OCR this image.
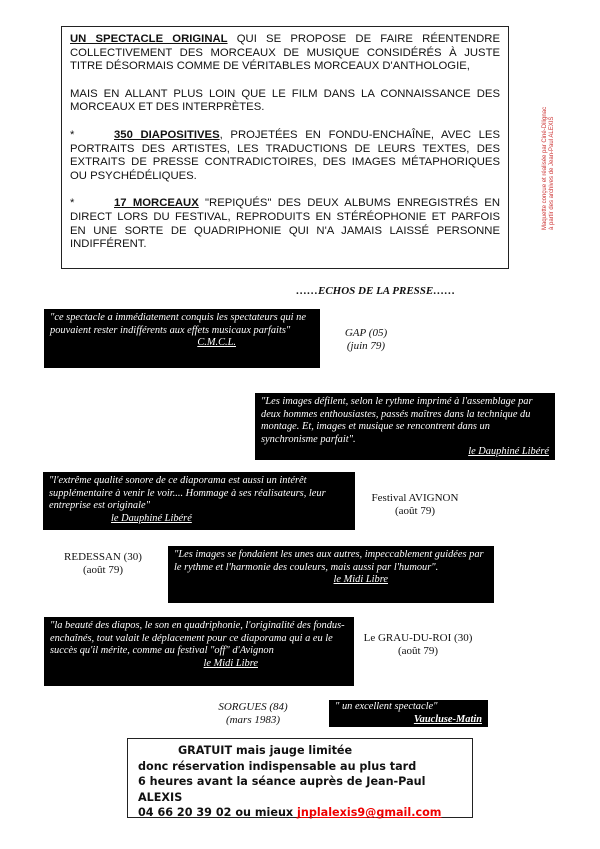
UN SPECTACLE ORIGINAL QUI SE PROPOSE DE FAIRE RÉENTENDRE COLLECTIVEMENT DES MORCEAUX DE MUSIQUE CONSIDÉRÉS À JUSTE TITRE DÉSORMAIS COMME DE VÉRITABLES MORCEAUX D'ANTHOLOGIE,

MAIS EN ALLANT PLUS LOIN QUE LE FILM DANS LA CONNAISSANCE DES MORCEAUX ET DES INTERPRÈTES.

*	350 DIAPOSITIVES, PROJETÉES EN FONDU-ENCHAÎNE, AVEC LES PORTRAITS DES ARTISTES, LES TRADUCTIONS DE LEURS TEXTES, DES EXTRAITS DE PRESSE CONTRADICTOIRES, DES IMAGES MÉTAPHORIQUES OU PSYCHÉDÉLIQUES.

*	17 MORCEAUX "REPIQUÉS" DES DEUX ALBUMS ENREGISTRÉS EN DIRECT LORS DU FESTIVAL, REPRODUITS EN STÉRÉOPHONIE ET PARFOIS EN UNE SORTE DE QUADRIPHONIE QUI N'A JAMAIS LAISSÉ PERSONNE INDIFFÉRENT.

Maquette conçue et réalisée par Ciné-Dilignac à partir des archives de Jean-Paul ALEXIS
……ECHOS DE LA PRESSE……
"ce spectacle a immédiatement conquis les spectateurs qui ne pouvaient rester indifférents aux effets musicaux parfaits"
C.M.C.L.
GAP (05)
(juin 79)
"Les images défilent, selon le rythme imprimé à l'assemblage par deux hommes enthousiastes, passés maîtres dans la technique du montage. Et, images et musique se rencontrent dans un synchronisme parfait".
le Dauphiné Libéré
"l'extrême qualité sonore de ce diaporama est aussi un intérêt supplémentaire à venir le voir.... Hommage à ses réalisateurs, leur entreprise est originale"
le Dauphiné Libéré
Festival AVIGNON
(août 79)
"Les images se fondaient les unes aux autres, impeccablement guidées par le rythme et l'harmonie des couleurs, mais aussi par l'humour".
le Midi Libre
REDESSAN (30)
(août 79)
"la beauté des diapos, le son en quadriphonie, l'originalité des fondus-enchaînés, tout valait le déplacement pour ce diaporama qui a eu le succès qu'il mérite, comme au festival "off" d'Avignon
le Midi Libre
Le GRAU-DU-ROI (30)
(août 79)
SORGUES (84)
(mars 1983)
" un excellent spectacle"
Vaucluse-Matin
GRATUIT mais jauge limitée
donc réservation indispensable au plus tard
6 heures avant la séance auprès de Jean-Paul ALEXIS
04 66 20 39 02 ou mieux jnplalexis9@gmail.com
